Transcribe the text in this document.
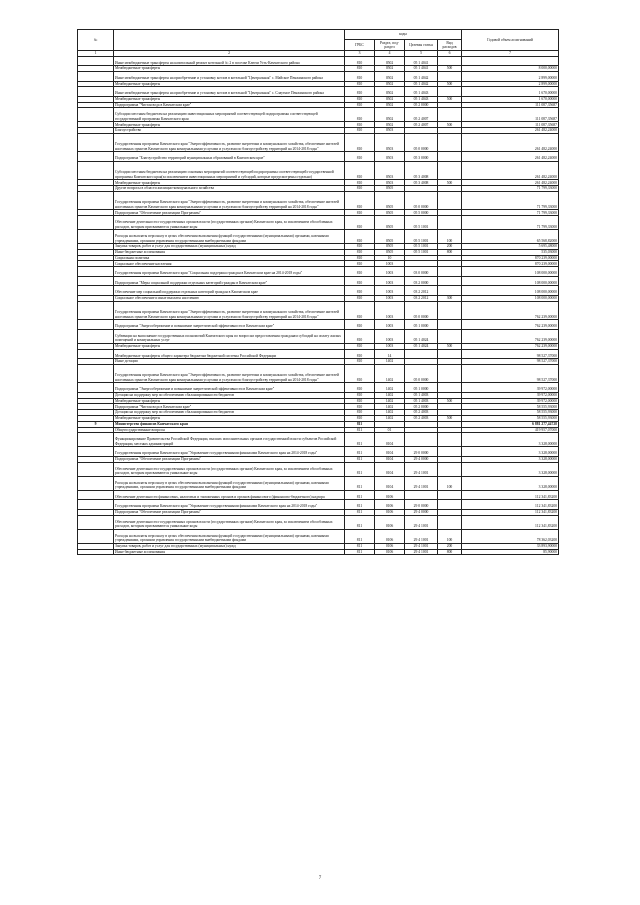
№		коды				Годовой объем ассигнований
		ГРБС	Раздел, под-раздел	Целевая статья	Вид расходов	
1	2	3	4	5	6	7
	Иные межбюджетные трансферты на капитальный ремонт котельной № 2 в поселке Ключи Усть-Камчатского района	810	0502	05 1 4041		
	Межбюджетные трансферты	810	0502	05 1 4041	500	8 000,00000
	Иные межбюджетные трансферты на приобретение и установку котлов в котельной "Центральная" с. Майское Пенжинского района	810	0502	05 1 4042		2 899,00000
	Межбюджетные трансферты	810	0502	05 1 4042	500	2 899,00000
	Иные межбюджетные трансферты на приобретение и установку котлов в котельной "Центральная" с. Слаутное Пенжинского района	810	0502	05 1 4043		1 670,00000
	Межбюджетные трансферты	810	0502	05 1 4043	500	1 670,00000
	Подпрограмма "Чистая вода в Камчатском крае"	810	0502	05 2 0000		111 087,35687
	Субсидии местным бюджетам на реализацию инвестиционных мероприятий соответствующей подпрограммы соответствующей государственной программы Камчатского края	810	0502	05 2 4007		111 087,35687
	Межбюджетные трансферты	810	0502	05 2 4007	500	111 087,35687
	Благоустройство	810	0503			261 482,24000
	Государственная программа Камчатского края "Энергоэффективность, развитие энергетики и коммунального хозяйства, обеспечение жителей населенных пунктов Камчатского края коммунальными услугами и услугами по благоустройству территорий на 2014-2018 годы"	810	0503	05 0 0000		261 482,24000
	Подпрограмма "Благоустройство территорий муниципальных образований в Камчатском крае"	810	0503	05 3 0000		261 482,24000
	Субсидии местным бюджетам на реализацию основных мероприятий соответствующей подпрограммы соответствующей государственной программы Камчатского края(за исключением инвестиционных мероприятий и субсидий, которые предусмотрены отдельно)	810	0503	05 3 4008		261 482,24000
	Межбюджетные трансферты	810	0503	05 3 4008	500	261 482,24000
	Другие вопросы в области жилищно-коммунального хозяйства	810	0505			71 799,33000
	Государственная программа Камчатского края "Энергоэффективность, развитие энергетики и коммунального хозяйства, обеспечение жителей населенных пунктов Камчатского края коммунальными услугами и услугами по благоустройству территорий на 2014-2018 годы"	810	0505	05 0 0000		71 799,33000
	Подпрограмма "Обеспечение реализации Программы"	810	0505	05 5 0000		71 799,33000
	Обеспечение деятельности государственных органов власти (государственных органов) Камчатского края, за исключением обособленных расходов, которым присваиваются уникальные коды	810	0505	05 5 1001		71 799,33000
	Расходы на выплаты персоналу в целях обеспечения выполнения функций государственными (муниципальными) органами, казенными учреждениями, органами управления государственными внебюджетными фондами	810	0505	05 5 1001	100	65 568,82000
	Закупка товаров, работ и услуг для государственных (муниципальных) нужд	810	0505	05 5 1001	200	5 695,48000
	Иные бюджетные ассигнования	810	0505	05 5 1001	800	535,03000
	Социальная политика	810	10			870 239,00000
	Социальное обеспечение населения	810	1003			870 239,00000
	Государственная программа Камчатского края "Социальная поддержка граждан в Камчатском крае на 2014-2018 годы"	810	1003	03 0 0000		108 000,00000
	Подпрограмма "Меры социальной поддержки отдельных категорий граждан в Камчатском крае"	810	1003	03 2 0000		108 000,00000
	Обеспечение мер социальной поддержки отдельных категорий граждан в Камчатском крае	810	1003	03 2 2012		108 000,00000
	Социальное обеспечение и иные выплаты населению	810	1003	03 2 2012	300	108 000,00000
	Государственная программа Камчатского края "Энергоэффективность, развитие энергетики и коммунального хозяйства, обеспечение жителей населенных пунктов Камчатского края коммунальными услугами и услугами по благоустройству территорий на 2014-2018 годы"	810	1003	05 0 0000		762 239,00000
	Подпрограмма "Энергосбережение и повышение энергетической эффективности в Камчатском крае"	810	1003	05 1 0000		762 239,00000
	Субвенции на выполнение государственных полномочий Камчатского края по вопросам предоставления гражданам субсидий на оплату жилых помещений и коммунальных услуг	810	1003	05 1 4024		762 239,00000
	Межбюджетные трансферты	810	1003	05 1 4024	500	762 239,00000
	Межбюджетные трансферты общего характера бюджетам бюджетной системы Российской Федерации	810	14			98 527,37000
	Иные дотации	810	1402			98 527,37000
	Государственная программа Камчатского края "Энергоэффективность, развитие энергетики и коммунального хозяйства, обеспечение жителей населенных пунктов Камчатского края коммунальными услугами и услугами по благоустройству территорий на 2014-2018 годы"	810	1402	05 0 0000		98 527,37000
	Подпрограмма "Энергосбережение и повышение энергетической эффективности в Камчатском крае"	810	1402	05 1 0000		39 972,00000
	Дотации на поддержку мер по обеспечению сбалансированности бюджетов	810	1402	05 1 4003		39 972,00000
	Межбюджетные трансферты	810	1402	05 1 4003	500	39 972,00000
	Подпрограмма "Чистая вода в Камчатском крае"	810	1402	05 2 0000		58 555,93000
	Дотации на поддержку мер по обеспечению сбалансированности бюджетов	810	1402	05 2 4003		58 555,93000
	Межбюджетные трансферты	810	1402	05 2 4003	500	58 555,93000
9	Министерство финансов Камчатского края	811				6 881 277,44728
	Общегосударственные вопросы	811	01			419 957,07000
	Функционирование Правительства Российской Федерации, высших исполнительных органов государственной власти субъектов Российской Федерации, местных администраций	811	0104			3 328,00000
	Государственная программа Камчатского края "Управление государственными финансами Камчатского края на 2014-2018 годы"	811	0104	29 0 0000		3 328,00000
	Подпрограмма "Обеспечение реализации Программы"	811	0104	29 4 0000		3 328,00000
	Обеспечение деятельности государственных органов власти (государственных органов) Камчатского края, за исключением обособленных расходов, которым присваиваются уникальные коды	811	0104	29 4 1001		3 328,00000
	Расходы на выплаты персоналу в целях обеспечения выполнения функций государственными (муниципальными) органами, казенными учреждениями, органами управления государственными внебюджетными фондами	811	0104	29 4 1001	100	3 328,00000
	Обеспечение деятельности финансовых, налоговых и таможенных органов и органов финансового (финансово-бюджетного) надзора	811	0106			112 341,83200
	Государственная программа Камчатского края "Управление государственными финансами Камчатского края на 2014-2018 годы"	811	0106	29 0 0000		112 341,83200
	Подпрограмма "Обеспечение реализации Программы"	811	0106	29 4 0000		112 341,83200
	Обеспечение деятельности государственных органов власти (государственных органов) Камчатского края, за исключением обособленных расходов, которым присваиваются уникальные коды	811	0106	29 4 1001		112 341,83200
	Расходы на выплаты персоналу в целях обеспечения выполнения функций государственными (муниципальными) органами, казенными учреждениями, органами управления государственными внебюджетными фондами	811	0106	29 4 1001	100	78 362,03200
	Закупка товаров, работ и услуг для государственных (муниципальных) нужд	811	0106	29 4 1001	200	33 893,90000
	Иные бюджетные ассигнования	811	0106	29 4 1001	800	85,90000
7
